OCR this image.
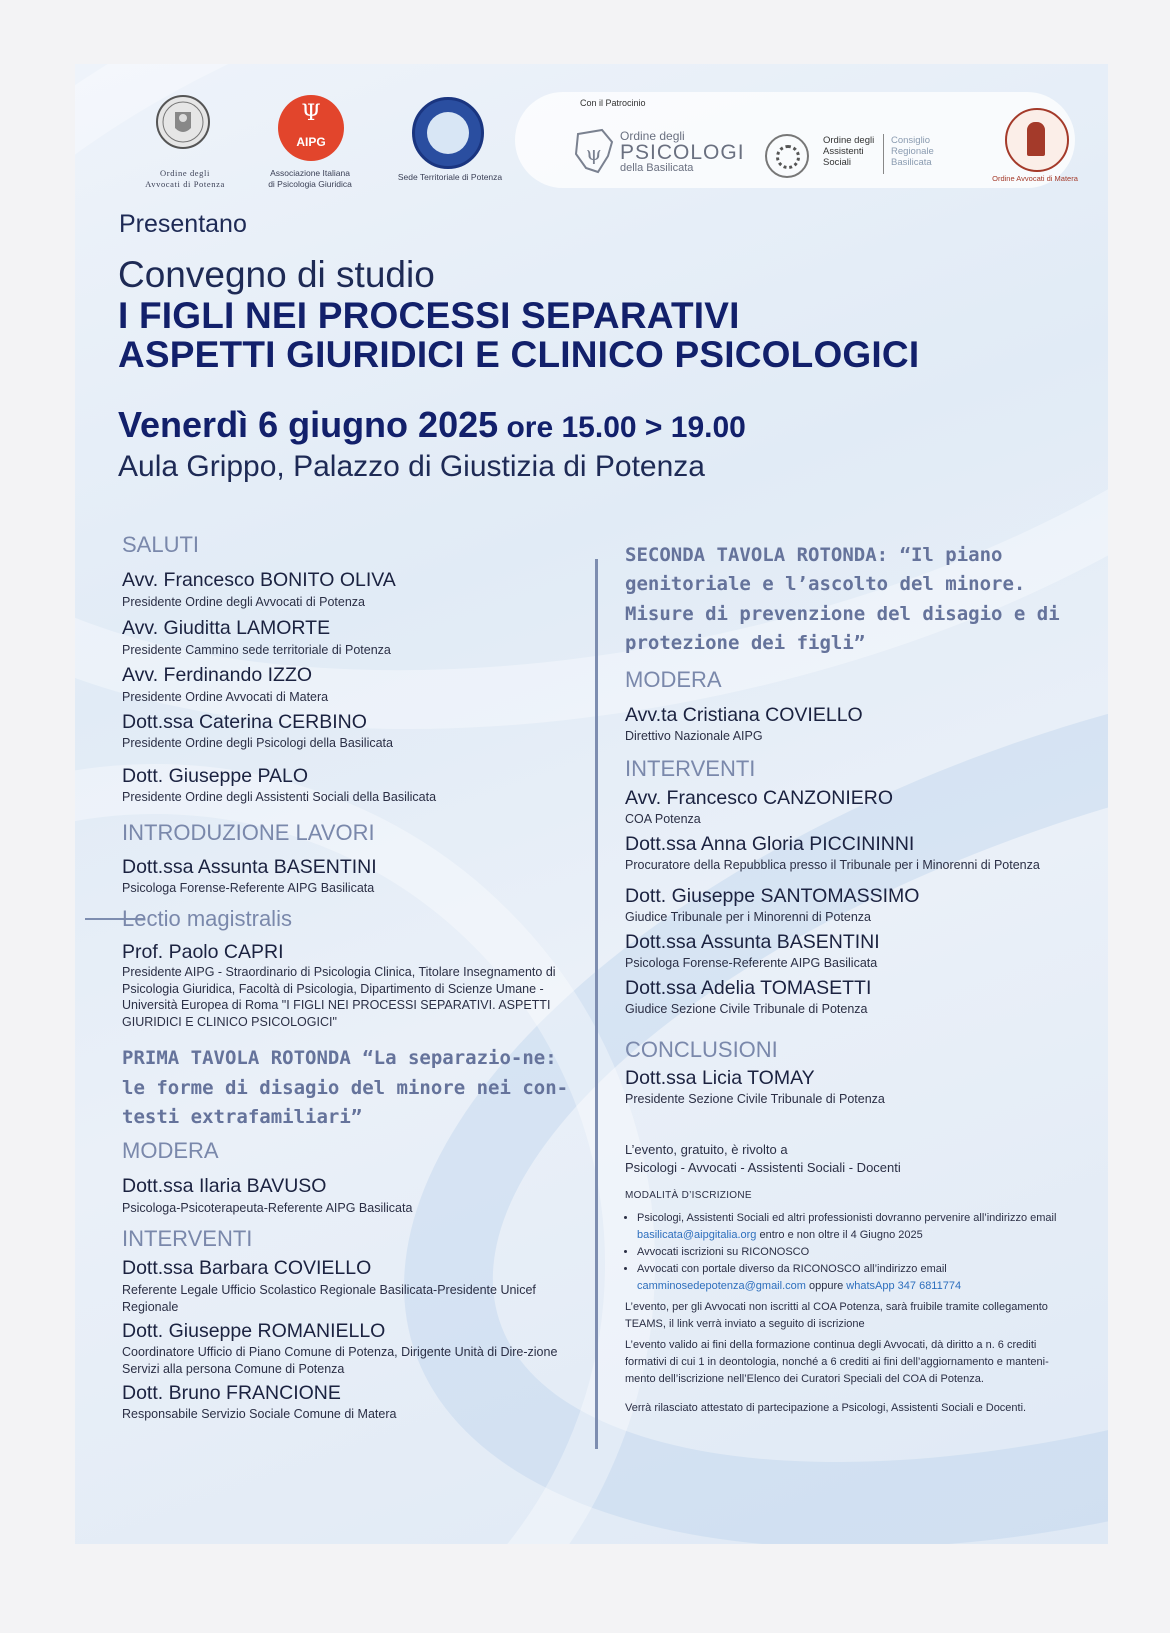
Ordine degli
Avvocati di Potenza
Ψ
AIPG
Associazione Italiana
di Psicologia Giuridica
Sede Territoriale di Potenza
Con il Patrocinio
ψ
Ordine degli
PSICOLOGI
della Basilicata
Ordine degli
Assistenti
Sociali
Consiglio
Regionale
Basilicata
Ordine Avvocati di Matera
Presentano
Convegno di studio
I FIGLI NEI PROCESSI SEPARATIVI
ASPETTI GIURIDICI E CLINICO PSICOLOGICI
Venerdì 6 giugno 2025 ore 15.00 > 19.00
Aula Grippo, Palazzo di Giustizia di Potenza
SALUTI
Avv. Francesco BONITO OLIVA
Presidente Ordine degli Avvocati di Potenza
Avv. Giuditta LAMORTE
Presidente Cammino sede territoriale di Potenza
Avv. Ferdinando IZZO
Presidente Ordine Avvocati di Matera
Dott.ssa Caterina CERBINO
Presidente Ordine degli Psicologi della Basilicata
Dott. Giuseppe PALO
Presidente Ordine degli Assistenti Sociali della Basilicata
INTRODUZIONE LAVORI
Dott.ssa Assunta BASENTINI
Psicologa Forense-Referente AIPG Basilicata
Lectio magistralis
Prof. Paolo CAPRI
Presidente AIPG - Straordinario di Psicologia Clinica, Titolare Insegnamento di Psicologia Giuridica, Facoltà di Psicologia, Dipartimento di Scienze Umane - Università Europea di Roma "I FIGLI NEI PROCESSI SEPARATIVI. ASPETTI GIURIDICI E CLINICO PSICOLOGICI"
PRIMA TAVOLA ROTONDA “La separazio-ne: le forme di disagio del minore nei con-testi extrafamiliari”
MODERA
Dott.ssa Ilaria BAVUSO
Psicologa-Psicoterapeuta-Referente AIPG Basilicata
INTERVENTI
Dott.ssa Barbara COVIELLO
Referente Legale Ufficio Scolastico Regionale Basilicata-Presidente Unicef Regionale
Dott. Giuseppe ROMANIELLO
Coordinatore Ufficio di Piano Comune di Potenza, Dirigente Unità di Dire-zione Servizi alla persona Comune di Potenza
Dott. Bruno FRANCIONE
Responsabile Servizio Sociale Comune di Matera
SECONDA TAVOLA ROTONDA: “Il piano genitoriale e l’ascolto del minore. Misure di prevenzione del disagio e di protezione dei figli”
MODERA
Avv.ta Cristiana COVIELLO
Direttivo Nazionale AIPG
INTERVENTI
Avv. Francesco CANZONIERO
COA Potenza
Dott.ssa Anna Gloria PICCININNI
Procuratore della Repubblica presso il Tribunale per i Minorenni di Potenza
Dott. Giuseppe SANTOMASSIMO
Giudice Tribunale per i Minorenni di Potenza
Dott.ssa Assunta BASENTINI
Psicologa Forense-Referente AIPG Basilicata
Dott.ssa Adelia TOMASETTI
Giudice Sezione Civile Tribunale di Potenza
CONCLUSIONI
Dott.ssa Licia TOMAY
Presidente Sezione Civile Tribunale di Potenza
L’evento, gratuito, è rivolto a
Psicologi - Avvocati - Assistenti Sociali - Docenti
MODALITÀ D’ISCRIZIONE
• Psicologi, Assistenti Sociali ed altri professionisti dovranno pervenire all’indirizzo email basilicata@aipgitalia.org entro e non oltre il 4 Giugno 2025
• Avvocati iscrizioni su RICONOSCO
• Avvocati con portale diverso da RICONOSCO all’indirizzo email camminosedepotenza@gmail.com oppure whatsApp 347 6811774
L’evento, per gli Avvocati non iscritti al COA Potenza, sarà fruibile tramite collegamento TEAMS, il link verrà inviato a seguito di iscrizione
L’evento valido ai fini della formazione continua degli Avvocati, dà diritto a n. 6 crediti formativi di cui 1 in deontologia, nonché a 6 crediti ai fini dell’aggiornamento e manteni-mento dell’iscrizione nell’Elenco dei Curatori Speciali del COA di Potenza.
Verrà rilasciato attestato di partecipazione a Psicologi, Assistenti Sociali e Docenti.
